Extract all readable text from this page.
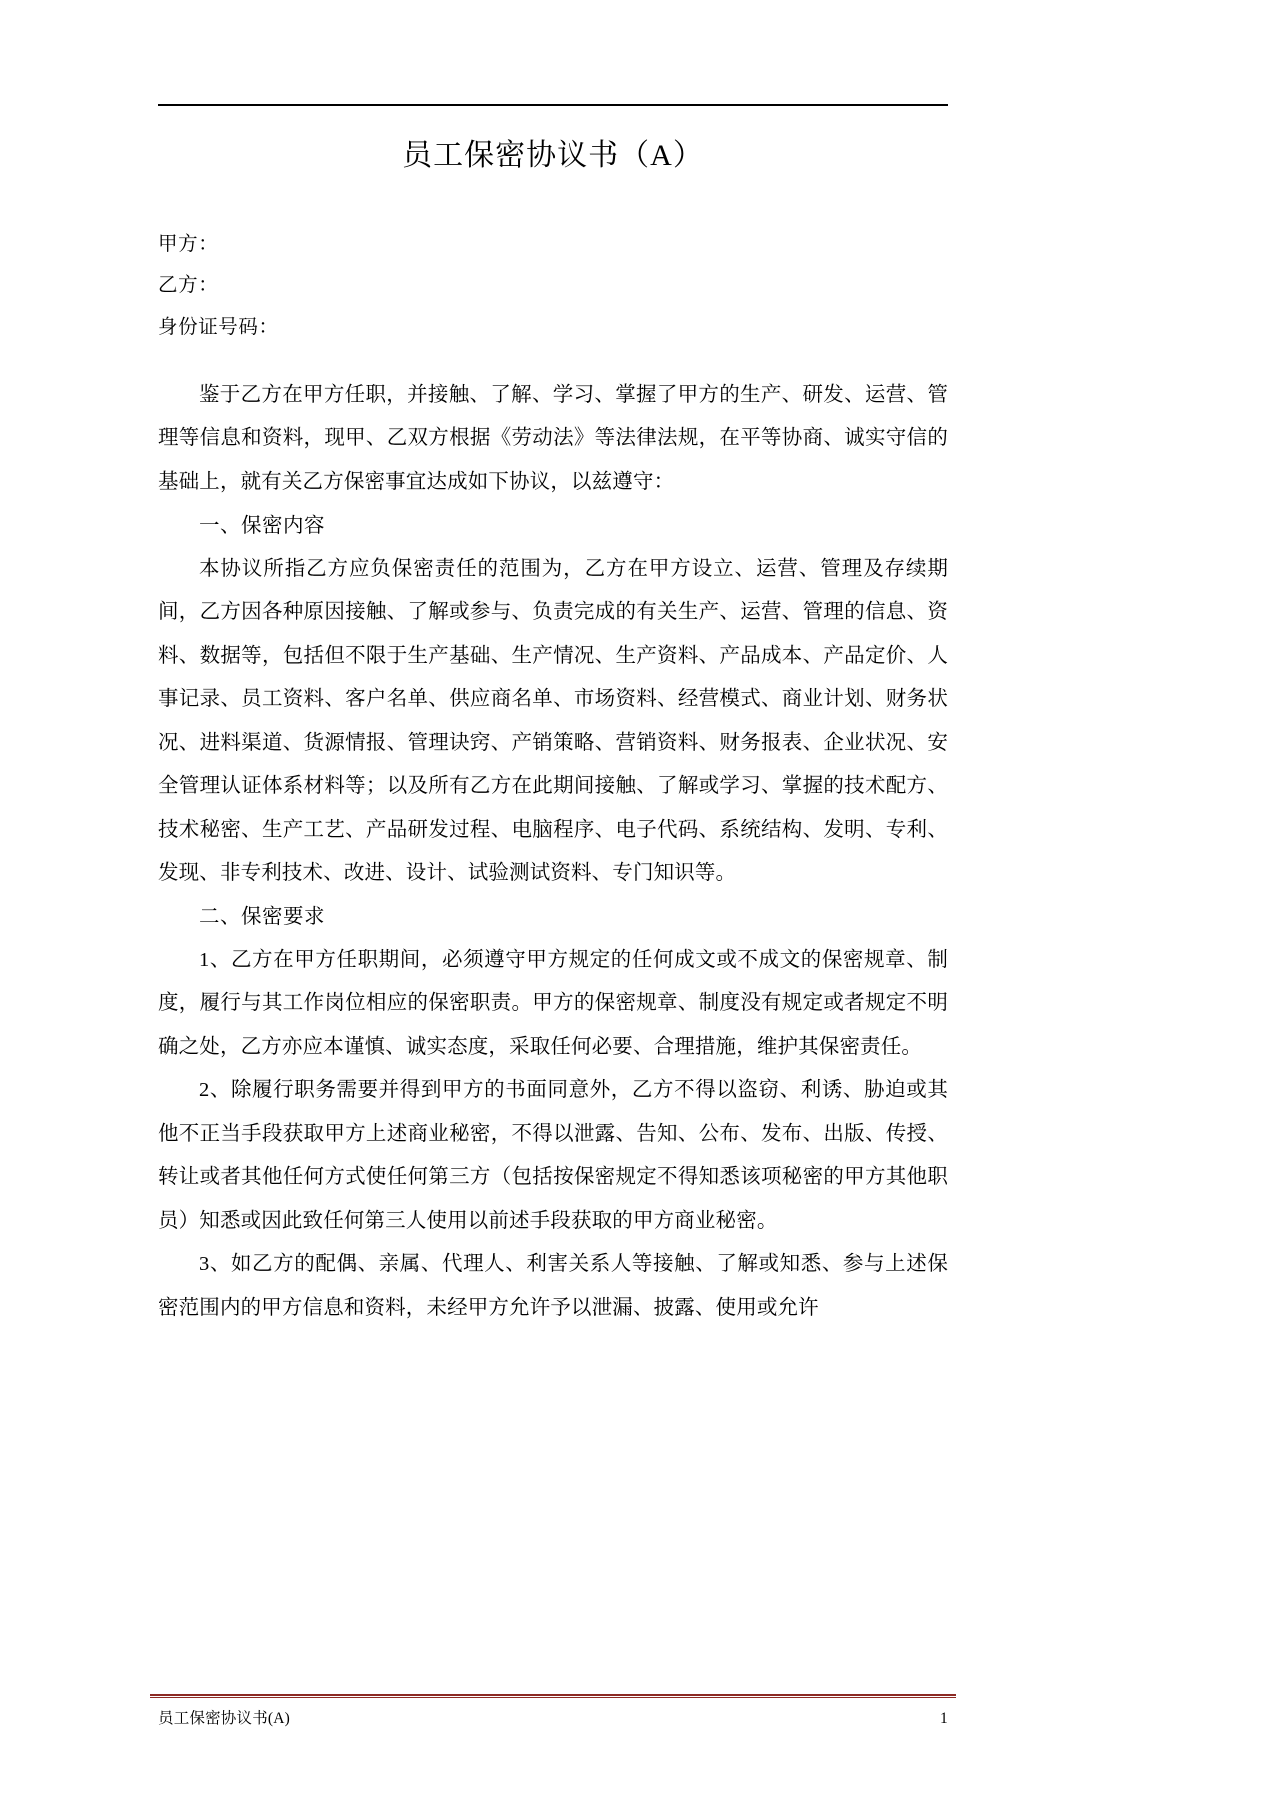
员工保密协议书（A）
甲方：
乙方：
身份证号码：

鉴于乙方在甲方任职，并接触、了解、学习、掌握了甲方的生产、研发、运营、管理等信息和资料，现甲、乙双方根据《劳动法》等法律法规，在平等协商、诚实守信的基础上，就有关乙方保密事宜达成如下协议，以兹遵守：

一、保密内容

本协议所指乙方应负保密责任的范围为，乙方在甲方设立、运营、管理及存续期间，乙方因各种原因接触、了解或参与、负责完成的有关生产、运营、管理的信息、资料、数据等，包括但不限于生产基础、生产情况、生产资料、产品成本、产品定价、人事记录、员工资料、客户名单、供应商名单、市场资料、经营模式、商业计划、财务状况、进料渠道、货源情报、管理诀窍、产销策略、营销资料、财务报表、企业状况、安全管理认证体系材料等；以及所有乙方在此期间接触、了解或学习、掌握的技术配方、技术秘密、生产工艺、产品研发过程、电脑程序、电子代码、系统结构、发明、专利、发现、非专利技术、改进、设计、试验测试资料、专门知识等。

二、保密要求

1、乙方在甲方任职期间，必须遵守甲方规定的任何成文或不成文的保密规章、制度，履行与其工作岗位相应的保密职责。甲方的保密规章、制度没有规定或者规定不明确之处，乙方亦应本谨慎、诚实态度，采取任何必要、合理措施，维护其保密责任。

2、除履行职务需要并得到甲方的书面同意外，乙方不得以盗窃、利诱、胁迫或其他不正当手段获取甲方上述商业秘密，不得以泄露、告知、公布、发布、出版、传授、转让或者其他任何方式使任何第三方（包括按保密规定不得知悉该项秘密的甲方其他职员）知悉或因此致任何第三人使用以前述手段获取的甲方商业秘密。

3、如乙方的配偶、亲属、代理人、利害关系人等接触、了解或知悉、参与上述保密范围内的甲方信息和资料，未经甲方允许予以泄漏、披露、使用或允许

员工保密协议书(A)	1
